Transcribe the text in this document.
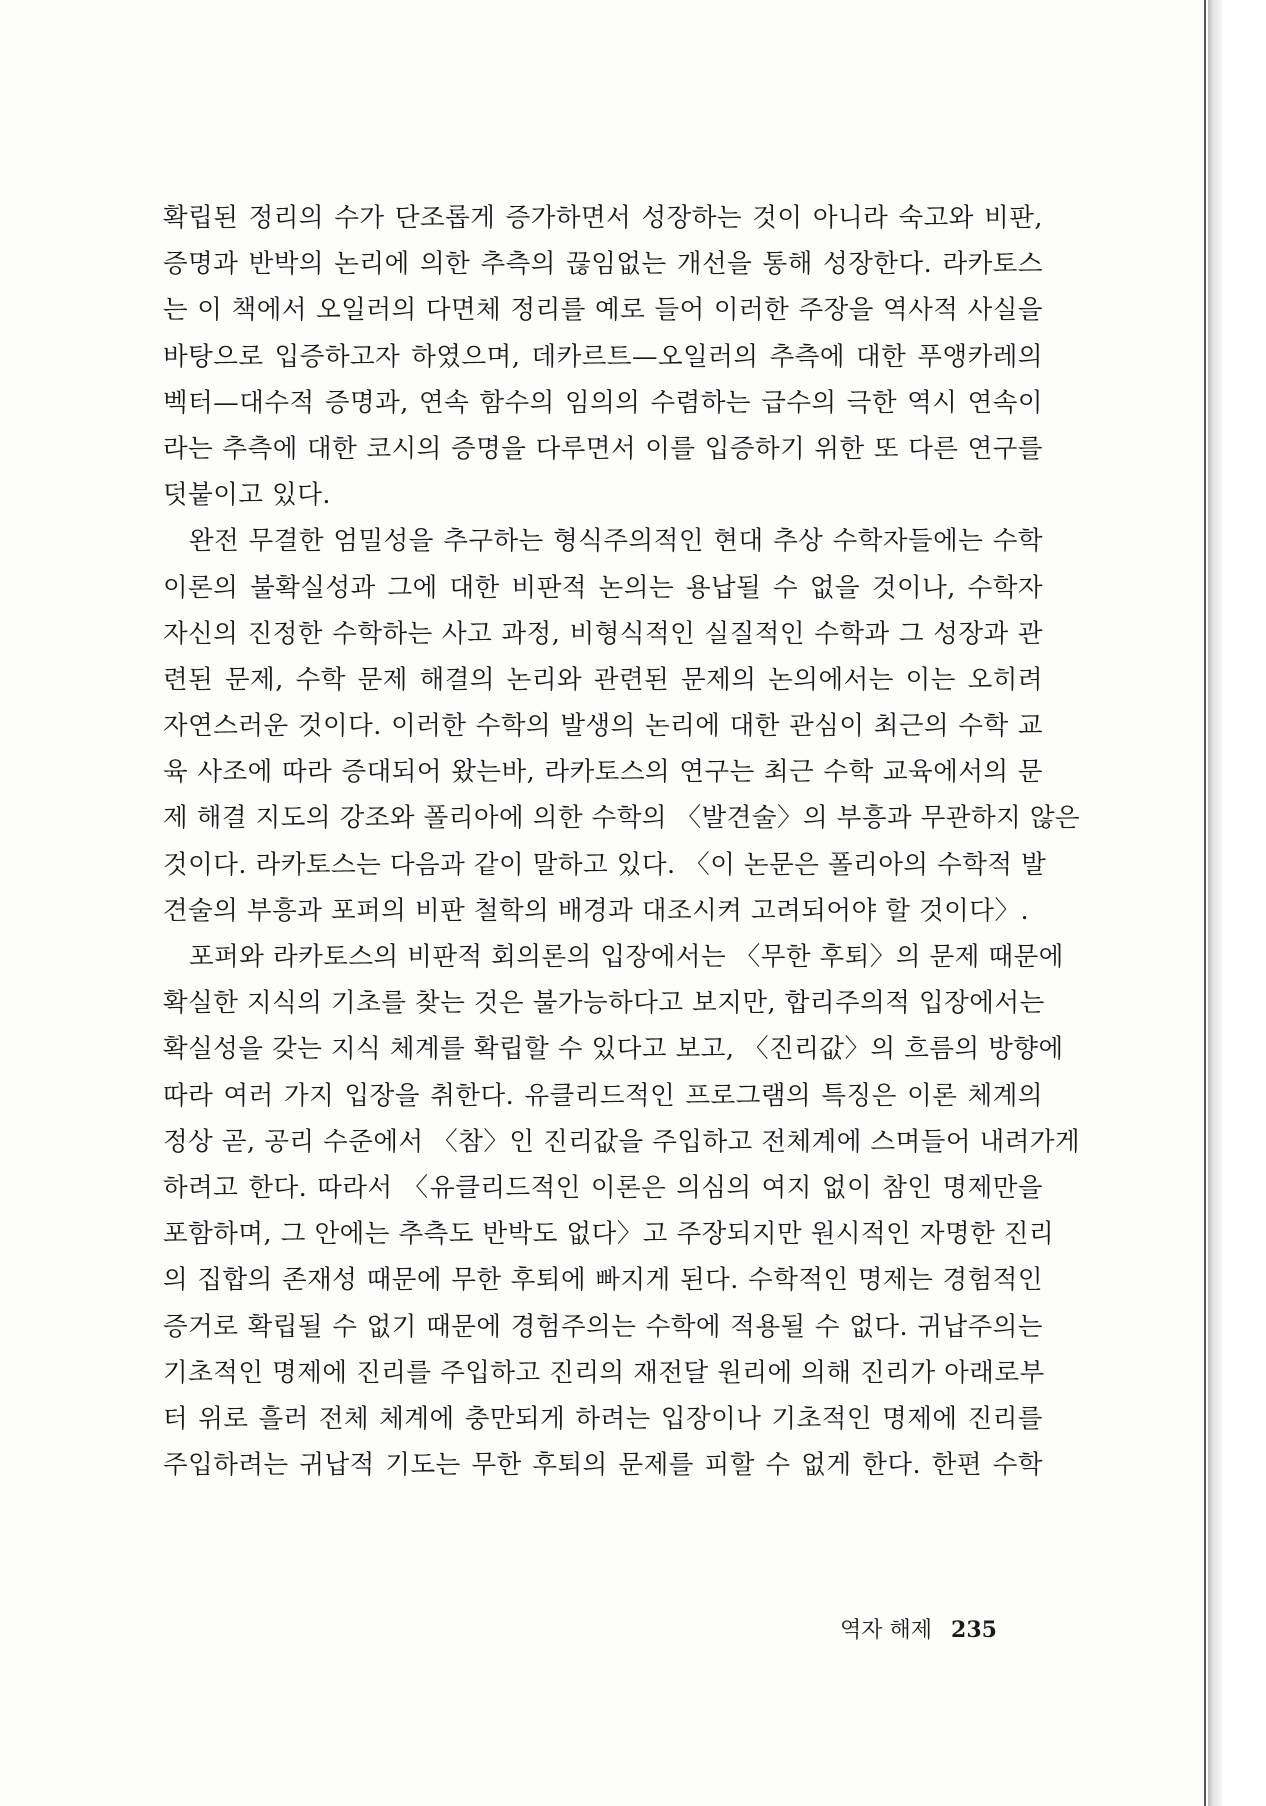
확립된 정리의 수가 단조롭게 증가하면서 성장하는 것이 아니라 숙고와 비판,
증명과 반박의 논리에 의한 추측의 끊임없는 개선을 통해 성장한다. 라카토스
는 이 책에서 오일러의 다면체 정리를 예로 들어 이러한 주장을 역사적 사실을
바탕으로 입증하고자 하였으며, 데카르트—오일러의 추측에 대한 푸앵카레의
벡터—대수적 증명과, 연속 함수의 임의의 수렴하는 급수의 극한 역시 연속이
라는 추측에 대한 코시의 증명을 다루면서 이를 입증하기 위한 또 다른 연구를
덧붙이고 있다.
완전 무결한 엄밀성을 추구하는 형식주의적인 현대 추상 수학자들에는 수학
이론의 불확실성과 그에 대한 비판적 논의는 용납될 수 없을 것이나, 수학자
자신의 진정한 수학하는 사고 과정, 비형식적인 실질적인 수학과 그 성장과 관
련된 문제, 수학 문제 해결의 논리와 관련된 문제의 논의에서는 이는 오히려
자연스러운 것이다. 이러한 수학의 발생의 논리에 대한 관심이 최근의 수학 교
육 사조에 따라 증대되어 왔는바, 라카토스의 연구는 최근 수학 교육에서의 문
제 해결 지도의 강조와 폴리아에 의한 수학의 〈발견술〉의 부흥과 무관하지 않은
것이다. 라카토스는 다음과 같이 말하고 있다. 〈이 논문은 폴리아의 수학적 발
견술의 부흥과 포퍼의 비판 철학의 배경과 대조시켜 고려되어야 할 것이다〉.
포퍼와 라카토스의 비판적 회의론의 입장에서는 〈무한 후퇴〉의 문제 때문에
확실한 지식의 기초를 찾는 것은 불가능하다고 보지만, 합리주의적 입장에서는
확실성을 갖는 지식 체계를 확립할 수 있다고 보고, 〈진리값〉의 흐름의 방향에
따라 여러 가지 입장을 취한다. 유클리드적인 프로그램의 특징은 이론 체계의
정상 곧, 공리 수준에서 〈참〉인 진리값을 주입하고 전체계에 스며들어 내려가게
하려고 한다. 따라서 〈유클리드적인 이론은 의심의 여지 없이 참인 명제만을
포함하며, 그 안에는 추측도 반박도 없다〉고 주장되지만 원시적인 자명한 진리
의 집합의 존재성 때문에 무한 후퇴에 빠지게 된다. 수학적인 명제는 경험적인
증거로 확립될 수 없기 때문에 경험주의는 수학에 적용될 수 없다. 귀납주의는
기초적인 명제에 진리를 주입하고 진리의 재전달 원리에 의해 진리가 아래로부
터 위로 흘러 전체 체계에 충만되게 하려는 입장이나 기초적인 명제에 진리를
주입하려는 귀납적 기도는 무한 후퇴의 문제를 피할 수 없게 한다. 한편 수학
역자 해제 235
